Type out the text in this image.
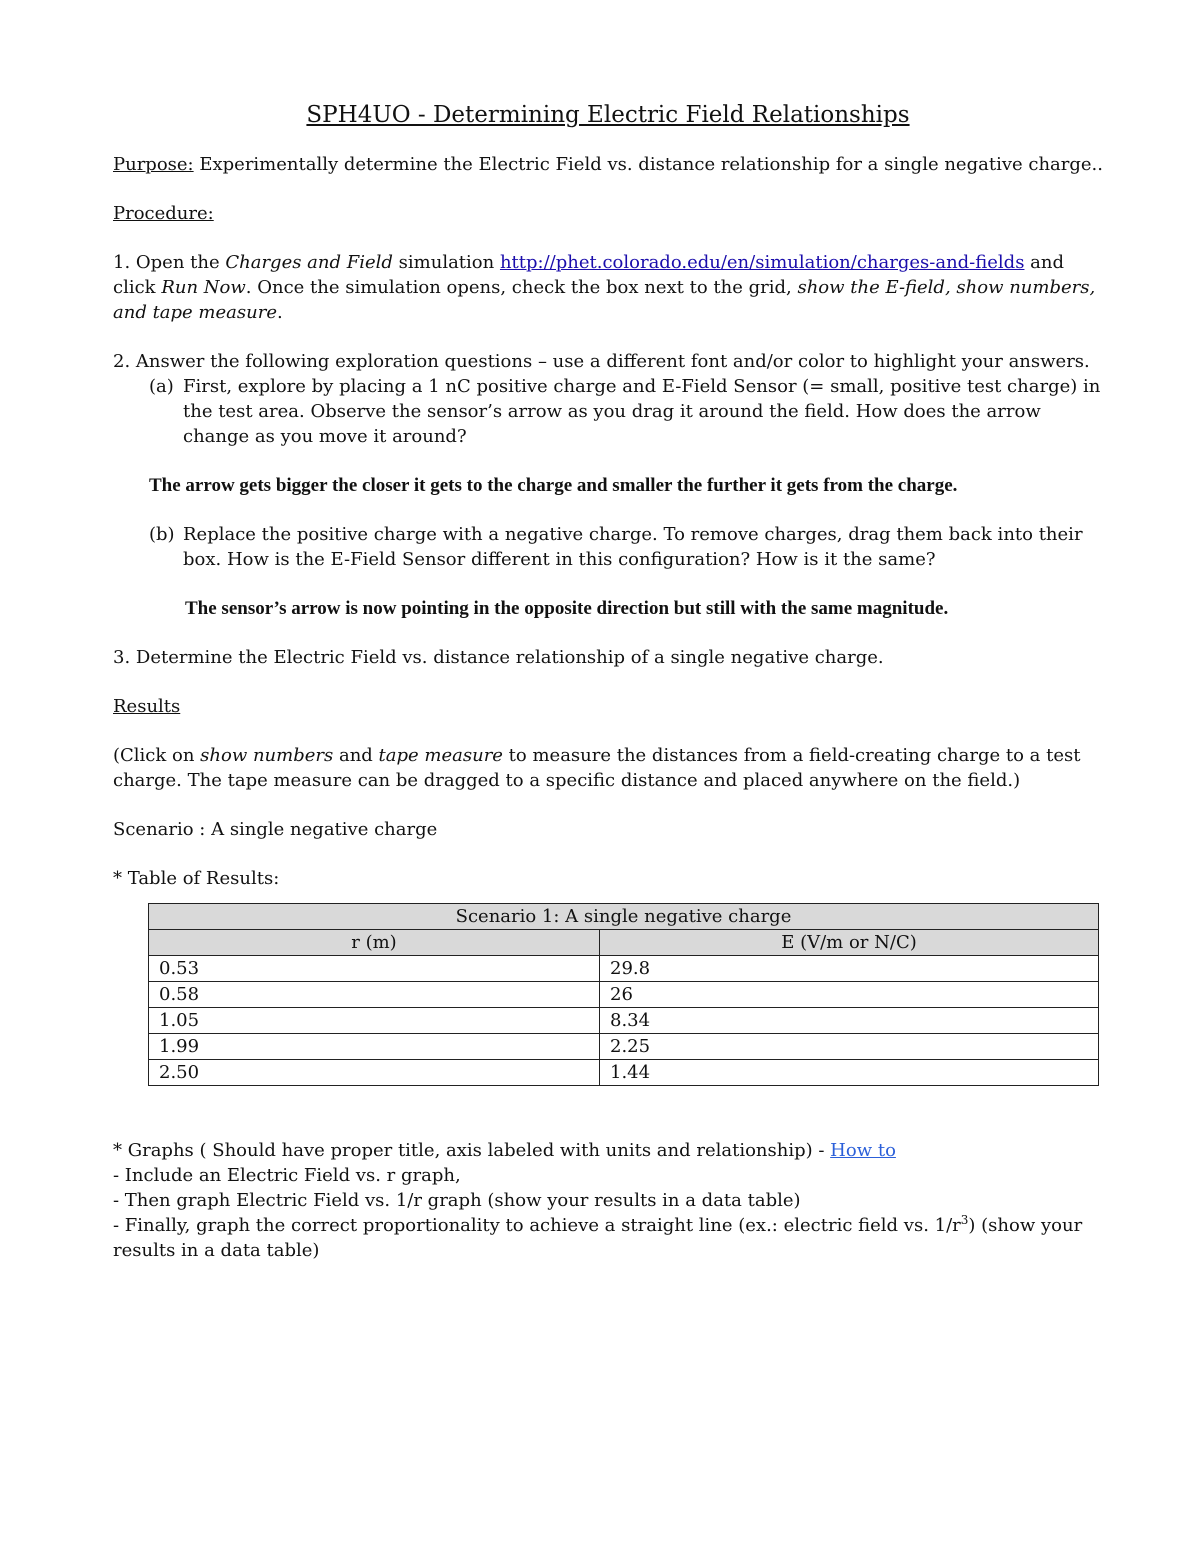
SPH4UO - Determining Electric Field Relationships

Purpose: Experimentally determine the Electric Field vs. distance relationship for a single negative charge..

Procedure:

1. Open the Charges and Field simulation http://phet.colorado.edu/en/simulation/charges-and-fields and click Run Now. Once the simulation opens, check the box next to the grid, show the E-field, show numbers, and tape measure.

2. Answer the following exploration questions – use a different font and/or color to highlight your answers.

(a) First, explore by placing a 1 nC positive charge and E-Field Sensor (= small, positive test charge) in the test area. Observe the sensor’s arrow as you drag it around the field. How does the arrow change as you move it around?

The arrow gets bigger the closer it gets to the charge and smaller the further it gets from the charge.

(b) Replace the positive charge with a negative charge. To remove charges, drag them back into their box. How is the E-Field Sensor different in this configuration? How is it the same?

The sensor’s arrow is now pointing in the opposite direction but still with the same magnitude.

3. Determine the Electric Field vs. distance relationship of a single negative charge.

Results

(Click on show numbers and tape measure to measure the distances from a field-creating charge to a test charge. The tape measure can be dragged to a specific distance and placed anywhere on the field.)

Scenario : A single negative charge

* Table of Results:

Scenario 1: A single negative charge	
r (m)	E (V/m or N/C)
0.53	29.8
0.58	26
1.05	8.34
1.99	2.25
2.50	1.44

* Graphs ( Should have proper title, axis labeled with units and relationship) - How to

- Include an Electric Field vs. r graph,

- Then graph Electric Field vs. 1/r graph (show your results in a data table)

- Finally, graph the correct proportionality to achieve a straight line (ex.: electric field vs. $1/r^3$) (show your results in a data table)
